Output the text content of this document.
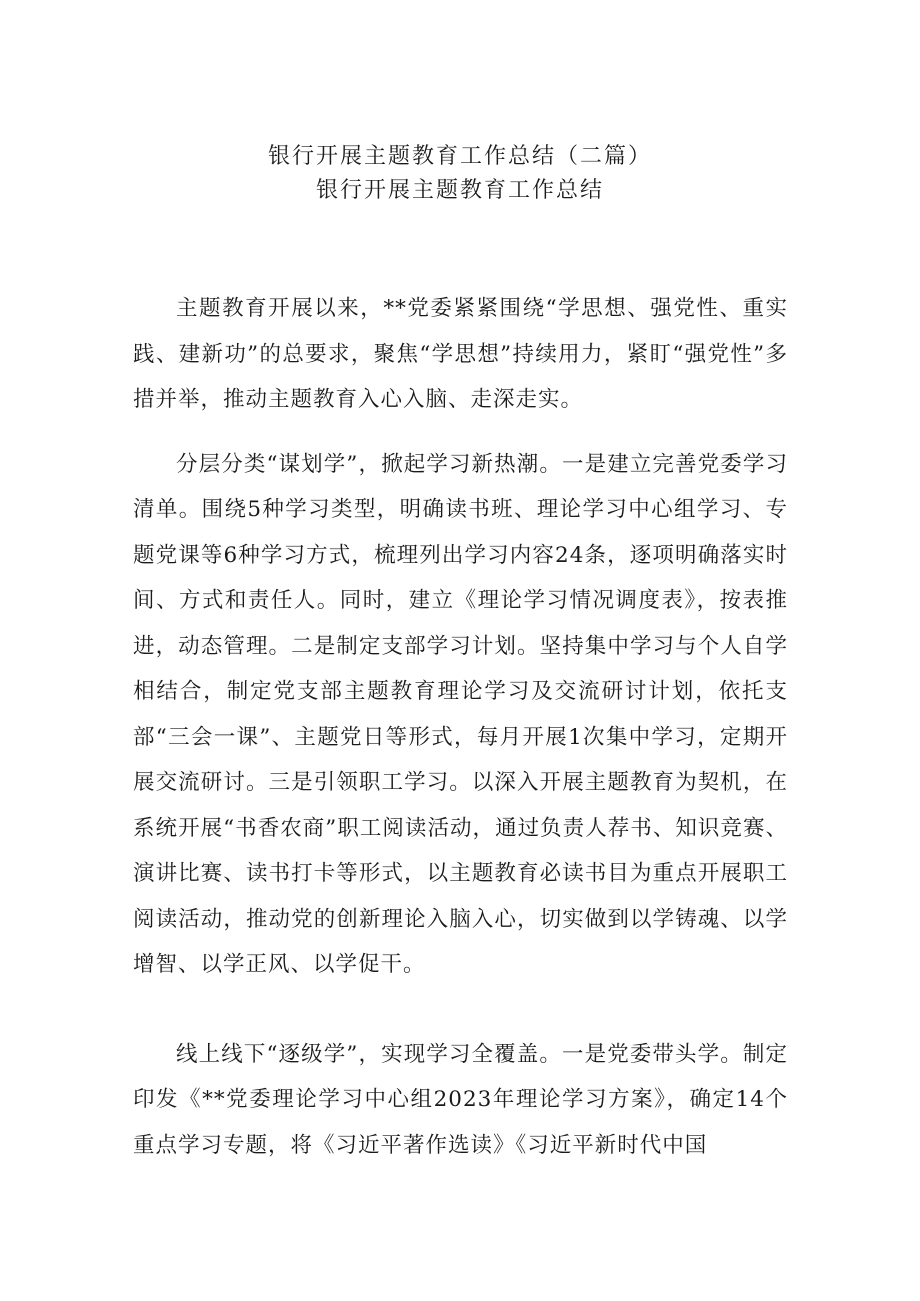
银行开展主题教育工作总结（二篇）
银行开展主题教育工作总结

主题教育开展以来，**党委紧紧围绕“学思想、强党性、重实践、建新功”的总要求，聚焦“学思想”持续用力，紧盯“强党性”多措并举，推动主题教育入心入脑、走深走实。

分层分类“谋划学”，掀起学习新热潮。一是建立完善党委学习清单。围绕5种学习类型，明确读书班、理论学习中心组学习、专题党课等6种学习方式，梳理列出学习内容24条，逐项明确落实时间、方式和责任人。同时，建立《理论学习情况调度表》，按表推进，动态管理。二是制定支部学习计划。坚持集中学习与个人自学相结合，制定党支部主题教育理论学习及交流研讨计划，依托支部“三会一课”、主题党日等形式，每月开展1次集中学习，定期开展交流研讨。三是引领职工学习。以深入开展主题教育为契机，在系统开展“书香农商”职工阅读活动，通过负责人荐书、知识竞赛、演讲比赛、读书打卡等形式，以主题教育必读书目为重点开展职工阅读活动，推动党的创新理论入脑入心，切实做到以学铸魂、以学增智、以学正风、以学促干。

线上线下“逐级学”，实现学习全覆盖。一是党委带头学。制定印发《**党委理论学习中心组2023年理论学习方案》，确定14个重点学习专题，将《习近平著作选读》《习近平新时代中国
